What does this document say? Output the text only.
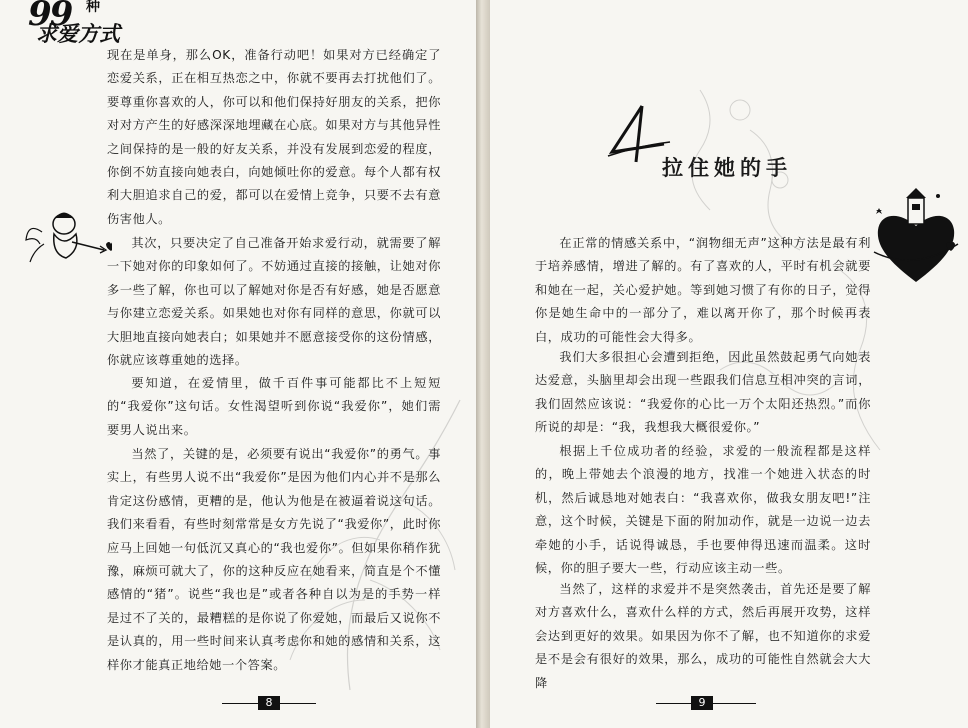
99 种
求爱方式

现在是单身，那么OK，准备行动吧！如果对方已经确定了恋爱关系，正在相互热恋之中，你就不要再去打扰他们了。要尊重你喜欢的人，你可以和他们保持好朋友的关系，把你对对方产生的好感深深地埋藏在心底。如果对方与其他异性之间保持的是一般的好友关系，并没有发展到恋爱的程度，你倒不妨直接向她表白，向她倾吐你的爱意。每个人都有权利大胆追求自己的爱，都可以在爱情上竞争，只要不去有意伤害他人。

其次，只要决定了自己准备开始求爱行动，就需要了解一下她对你的印象如何了。不妨通过直接的接触，让她对你多一些了解，你也可以了解她对你是否有好感，她是否愿意与你建立恋爱关系。如果她也对你有同样的意思，你就可以大胆地直接向她表白；如果她并不愿意接受你的这份情感，你就应该尊重她的选择。

要知道，在爱情里，做千百件事可能都比不上短短的“我爱你”这句话。女性渴望听到你说“我爱你”，她们需要男人说出来。

当然了，关键的是，必须要有说出“我爱你”的勇气。事实上，有些男人说不出“我爱你”是因为他们内心并不是那么肯定这份感情，更糟的是，他认为他是在被逼着说这句话。我们来看看，有些时刻常常是女方先说了“我爱你”，此时你应马上回她一句低沉又真心的“我也爱你”。但如果你稍作犹豫，麻烦可就大了，你的这种反应在她看来，简直是个不懂感情的“猪”。说些“我也是”或者各种自以为是的手势一样是过不了关的，最糟糕的是你说了你爱她，而最后又说你不是认真的，用一些时间来认真考虑你和她的感情和关系，这样你才能真正地给她一个答案。

8
拉住她的手

在正常的情感关系中，“润物细无声”这种方法是最有利于培养感情，增进了解的。有了喜欢的人，平时有机会就要和她在一起，关心爱护她。等到她习惯了有你的日子，觉得你是她生命中的一部分了，难以离开你了，那个时候再表白，成功的可能性会大得多。

我们大多很担心会遭到拒绝，因此虽然鼓起勇气向她表达爱意，头脑里却会出现一些跟我们信息互相冲突的言词，我们固然应该说：“我爱你的心比一万个太阳还热烈。”而你所说的却是：“我，我想我大概很爱你。”

根据上千位成功者的经验，求爱的一般流程都是这样的，晚上带她去个浪漫的地方，找准一个她进入状态的时机，然后诚恳地对她表白：“我喜欢你，做我女朋友吧!”注意，这个时候，关键是下面的附加动作，就是一边说一边去牵她的小手，话说得诚恳，手也要伸得迅速而温柔。这时候，你的胆子要大一些，行动应该主动一些。

当然了，这样的求爱并不是突然袭击，首先还是要了解对方喜欢什么，喜欢什么样的方式，然后再展开攻势，这样会达到更好的效果。如果因为你不了解，也不知道你的求爱是不是会有很好的效果，那么，成功的可能性自然就会大大降

9
